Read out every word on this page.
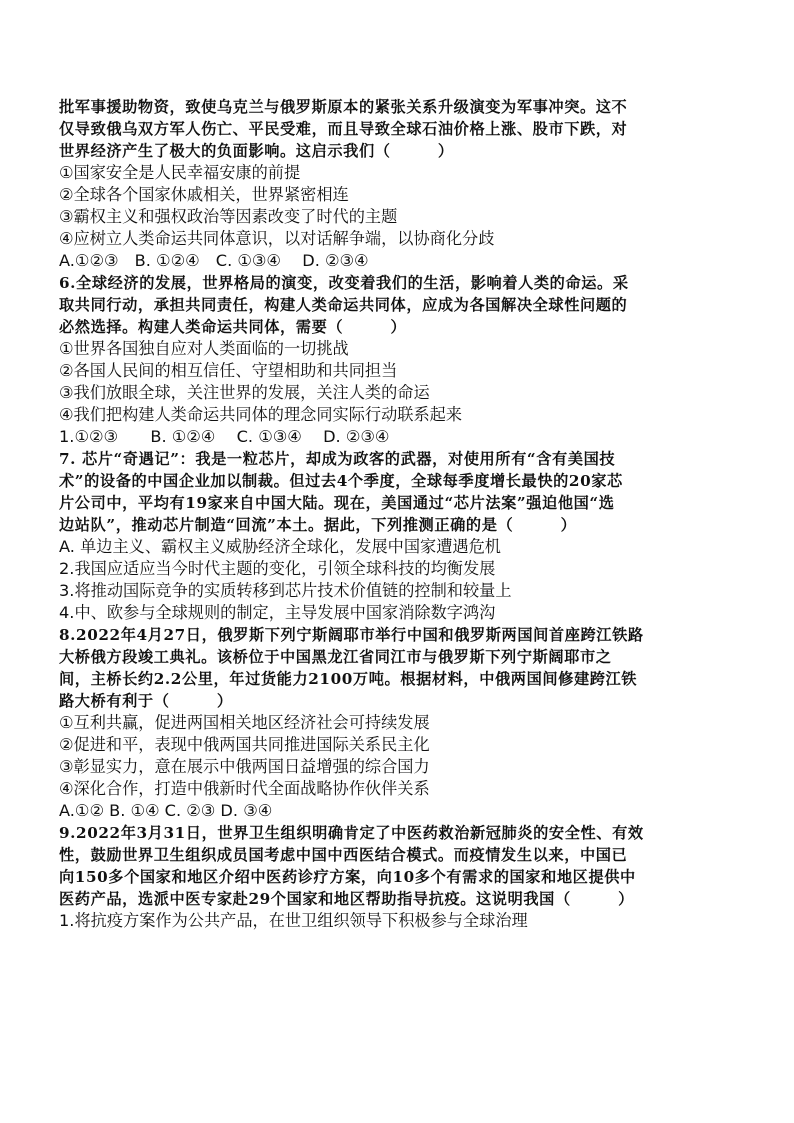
批军事援助物资，致使乌克兰与俄罗斯原本的紧张关系升级演变为军事冲突。这不

仅导致俄乌双方军人伤亡、平民受难，而且导致全球石油价格上涨、股市下跌，对

世界经济产生了极大的负面影响。这启示我们（　　　）

①国家安全是人民幸福安康的前提

②全球各个国家休戚相关，世界紧密相连

③霸权主义和强权政治等因素改变了时代的主题

④应树立人类命运共同体意识，以对话解争端，以协商化分歧

A.①②③　B. ①②④　C. ①③④　 D. ②③④

6.全球经济的发展，世界格局的演变，改变着我们的生活，影响着人类的命运。采

取共同行动，承担共同责任，构建人类命运共同体，应成为各国解决全球性问题的

必然选择。构建人类命运共同体，需要（　　　）

①世界各国独自应对人类面临的一切挑战

②各国人民间的相互信任、守望相助和共同担当

③我们放眼全球，关注世界的发展，关注人类的命运

④我们把构建人类命运共同体的理念同实际行动联系起来

1.①②③　　B. ①②④　 C. ①③④　 D. ②③④

7. 芯片“奇遇记”：我是一粒芯片，却成为政客的武器，对使用所有“含有美国技

术”的设备的中国企业加以制裁。但过去4个季度，全球每季度增长最快的20家芯

片公司中，平均有19家来自中国大陆。现在，美国通过“芯片法案”强迫他国“选

边站队”，推动芯片制造“回流”本土。据此，下列推测正确的是（　　　）

A. 单边主义、霸权主义威胁经济全球化，发展中国家遭遇危机

2.我国应适应当今时代主题的变化，引领全球科技的均衡发展

3.将推动国际竞争的实质转移到芯片技术价值链的控制和较量上

4.中、欧参与全球规则的制定，主导发展中国家消除数字鸿沟

8.2022年4月27日，俄罗斯下列宁斯阔耶市举行中国和俄罗斯两国间首座跨江铁路

大桥俄方段竣工典礼。该桥位于中国黑龙江省同江市与俄罗斯下列宁斯阔耶市之

间，主桥长约2.2公里，年过货能力2100万吨。根据材料，中俄两国间修建跨江铁

路大桥有利于（　　　）

①互利共赢，促进两国相关地区经济社会可持续发展

②促进和平，表现中俄两国共同推进国际关系民主化

③彰显实力，意在展示中俄两国日益增强的综合国力

④深化合作，打造中俄新时代全面战略协作伙伴关系

A.①② B. ①④ C. ②③ D. ③④

9.2022年3月31日，世界卫生组织明确肯定了中医药救治新冠肺炎的安全性、有效

性，鼓励世界卫生组织成员国考虑中国中西医结合模式。而疫情发生以来，中国已

向150多个国家和地区介绍中医药诊疗方案，向10多个有需求的国家和地区提供中

医药产品，选派中医专家赴29个国家和地区帮助指导抗疫。这说明我国（　　　）

1.将抗疫方案作为公共产品，在世卫组织领导下积极参与全球治理
